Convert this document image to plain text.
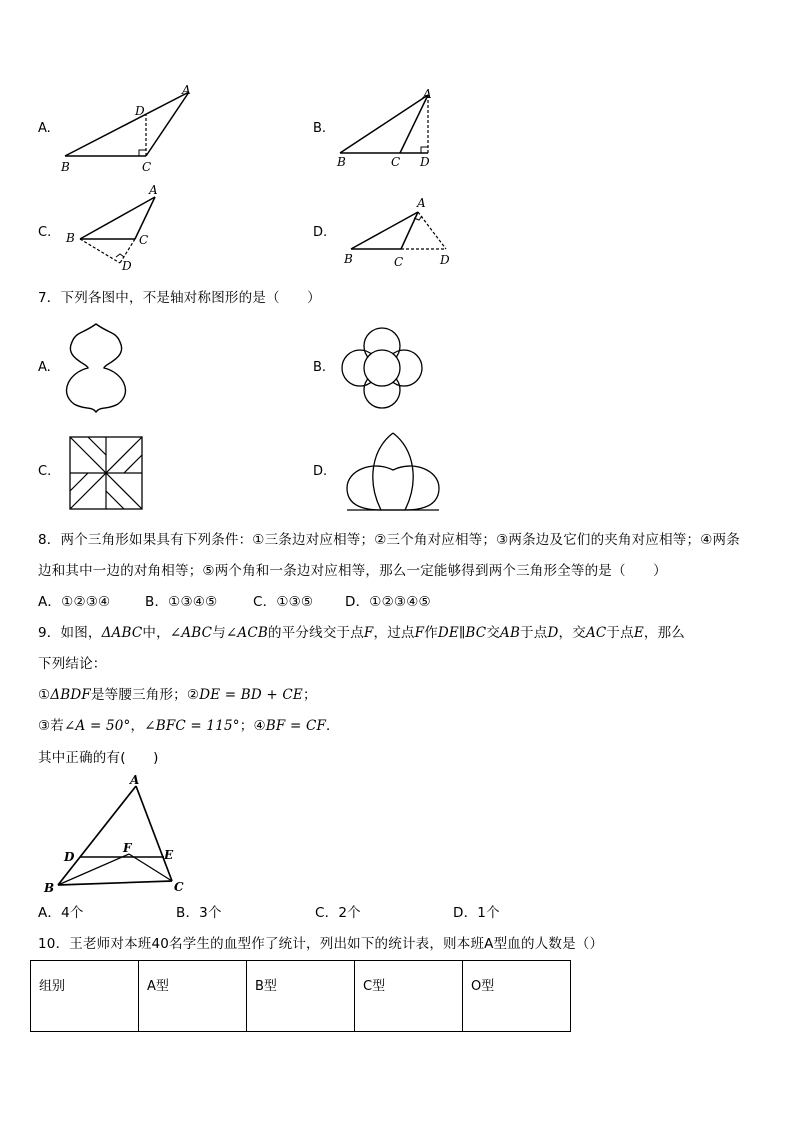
A.
A
B	C
D
B.
A
B	C D
C.
A
B	C
D
D.
A
B	C	D
7．下列各图中，不是轴对称图形的是（　　）
A.	B.
C.	D.
8．两个三角形如果具有下列条件：①三条边对应相等；②三个角对应相等；③两条边及它们的夹角对应相等；④两条
边和其中一边的对角相等；⑤两个角和一条边对应相等，那么一定能够得到两个三角形全等的是（　　）
A．①②③④	B．①③④⑤	C．①③⑤ D．①②③④⑤
9．如图，ΔABC中，∠ABC与∠ACB的平分线交于点F，过点F作DE∥BC交AB于点D，交AC于点E，那么
下列结论：
①ΔBDF是等腰三角形；②DE = BD + CE；
③若∠A = 50°，∠BFC = 115°；④BF = CF．
其中正确的有(　　)
A
B	C
D	E
F
A．4个	B．3个	C．2个	D．1个
10．王老师对本班40名学生的血型作了统计，列出如下的统计表，则本班A型血的人数是（）
组别	A型	B型	C型	O型
